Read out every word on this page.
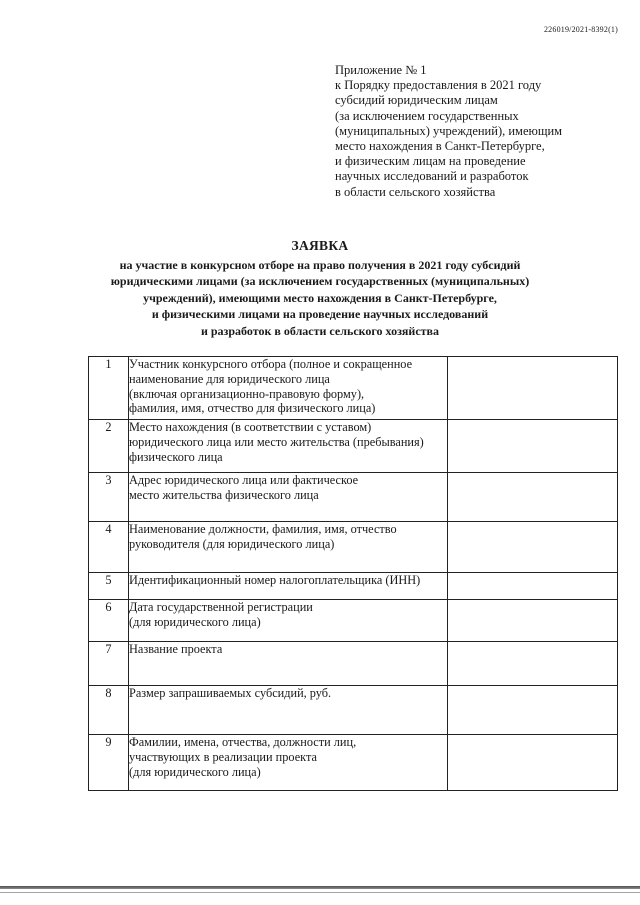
226019/2021-8392(1)
Приложение № 1
к Порядку предоставления в 2021 году
субсидий юридическим лицам
(за исключением государственных
(муниципальных) учреждений), имеющим
место нахождения в Санкт-Петербурге,
и физическим лицам на проведение
научных исследований и разработок
в области сельского хозяйства
ЗАЯВКА
на участие в конкурсном отборе на право получения в 2021 году субсидий
юридическими лицами (за исключением государственных (муниципальных)
учреждений), имеющими место нахождения в Санкт-Петербурге,
и физическими лицами на проведение научных исследований
и разработок в области сельского хозяйства
1	Участник конкурсного отбора (полное и сокращенное
наименование для юридического лица
(включая организационно-правовую форму),
фамилия, имя, отчество для физического лица)	

2	Место нахождения (в соответствии с уставом)
юридического лица или место жительства (пребывания)
физического лица	

3	Адрес юридического лица или фактическое
место жительства физического лица	

4	Наименование должности, фамилия, имя, отчество
руководителя (для юридического лица)	

5	Идентификационный номер налогоплательщика (ИНН)	

6	Дата государственной регистрации
(для юридического лица)	

7	Название проекта	

8	Размер запрашиваемых субсидий, руб.	

9	Фамилии, имена, отчества, должности лиц,
участвующих в реализации проекта
(для юридического лица)	
